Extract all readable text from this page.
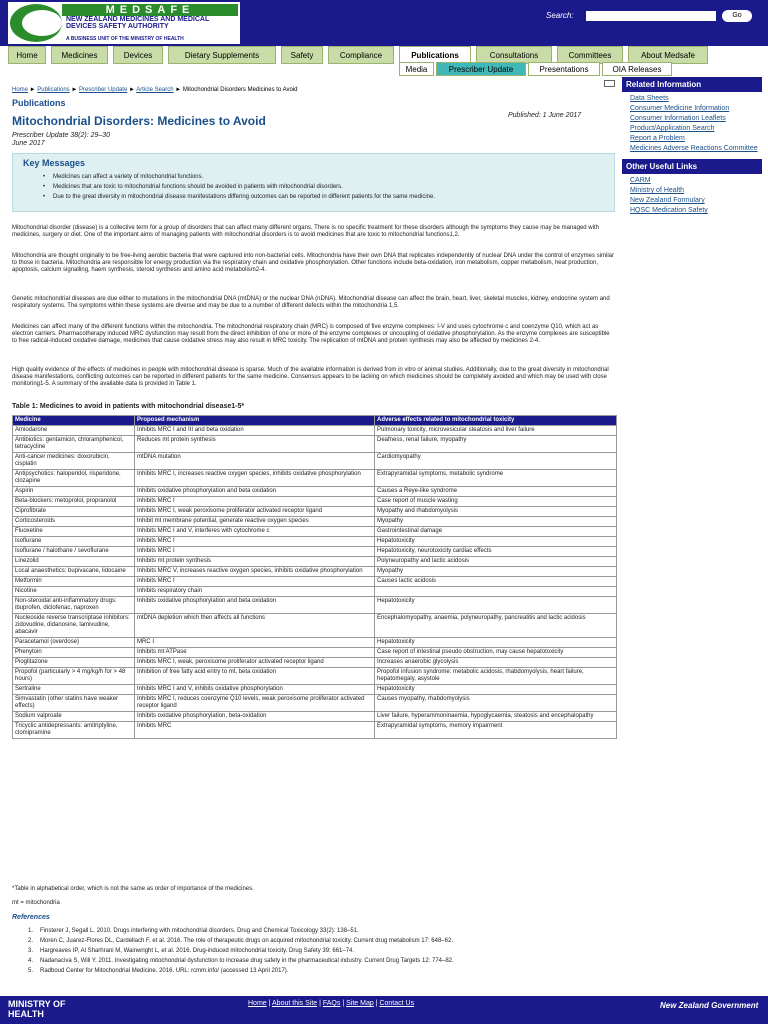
MEDSAFE
NEW ZEALAND MEDICINES AND MEDICAL DEVICES SAFETY AUTHORITY
A BUSINESS UNIT OF THE MINISTRY OF HEALTH
Search:	Go
Home	Medicines	Devices	Dietary Supplements	Safety	Compliance	Publications	Consultations	Committees	About Medsafe
Media	Prescriber Update	Presentations	OIA Releases
Home ► Publications ► Prescriber Update ► Article Search ► Mitochondrial Disorders Medicines to Avoid
Publications
Mitochondrial Disorders: Medicines to Avoid	Published: 1 June 2017
Prescriber Update 38(2): 29–30
June 2017
Key Messages
• Medicines can affect a variety of mitochondrial functions.
• Medicines that are toxic to mitochondrial functions should be avoided in patients with mitochondrial disorders.
• Due to the great diversity in mitochondrial disease manifestations differing outcomes can be reported in different patients for the same medicine.
Mitochondrial disorder (disease) is a collective term for a group of disorders that can affect many different organs. There is no specific treatment for these disorders although the symptoms they cause may be managed with medicines, surgery or diet. One of the important aims of managing patients with mitochondrial disorders is to avoid medicines that are toxic to mitochondrial functions1,2.
Mitochondria are thought originally to be free-living aerobic bacteria that were captured into non-bacterial cells. Mitochondria have their own DNA that replicates independently of nuclear DNA under the control of enzymes similar to those in bacteria. Mitochondria are responsible for energy production via the respiratory chain and oxidative phosphorylation. Other functions include beta-oxidation, iron metabolism, copper metabolism, heat production, apoptosis, calcium signalling, haem synthesis, steroid synthesis and amino acid metabolism2-4.
Genetic mitochondrial diseases are due either to mutations in the mitochondrial DNA (mtDNA) or the nuclear DNA (nDNA). Mitochondrial disease can affect the brain, heart, liver, skeletal muscles, kidney, endocrine system and respiratory systems. The symptoms within these systems are diverse and may be due to a number of different defects within the mitochondria 1,5.
Medicines can affect many of the different functions within the mitochondria. The mitochondrial respiratory chain (MRC) is composed of five enzyme complexes: I-V and uses cytochrome c and coenzyme Q10, which act as electron carriers. Pharmacotherapy induced MRC dysfunction may result from the direct inhibition of one or more of the enzyme complexes or uncoupling of oxidative phosphorylation. As the enzyme complexes are susceptible to free radical-induced oxidative damage, medicines that cause oxidative stress may also result in MRC toxicity. The replication of mtDNA and protein synthesis may also be affected by medicines 2-4.
High quality evidence of the effects of medicines in people with mitochondrial disease is sparse. Much of the available information is derived from in vitro or animal studies. Additionally, due to the great diversity in mitochondrial disease manifestations, conflicting outcomes can be reported in different patients for the same medicine. Consensus appears to be lacking on which medicines should be completely avoided and which may be used with close monitoring1-5. A summary of the available data is provided in Table 1.
Table 1: Medicines to avoid in patients with mitochondrial disease1-5*
Medicine	Proposed mechanism	Adverse effects related to mitochondrial toxicity
Amiodarone	Inhibits MRC I and III and beta oxidation	Pulmonary toxicity, microvesicular steatosis and liver failure
Antibiotics: gentamicin, chloramphenicol, tetracycline	Reduces mt protein synthesis	Deafness, renal failure, myopathy
Anti-cancer medicines: doxorubicin, cisplatin	mtDNA mutation	Cardiomyopathy
Antipsychotics: haloperidol, risperidone, clozapine	Inhibits MRC I, increases reactive oxygen species, inhibits oxidative phosphorylation	Extrapyramidal symptoms, metabolic syndrome
Aspirin	Inhibits oxidative phosphorylation and beta oxidation	Causes a Reye-like syndrome
Beta-blockers: metoprolol, propranolol	Inhibits MRC I	Case report of muscle wasting
Ciprofibrate	Inhibits MRC I, weak peroxisome proliferator activated receptor ligand	Myopathy and rhabdomyolysis
Corticosteroids	Inhibit mt membrane potential, generate reactive oxygen species	Myopathy
Fluoxetine	Inhibits MRC I and V, interferes with cytochrome c	Gastrointestinal damage
Isoflurane	Inhibits MRC I	Hepatotoxicity
Isoflurane / halothane / sevoflurane	Inhibits MRC I	Hepatotoxicity, neurotoxicity cardiac effects
Linezolid	Inhibits mt protein synthesis	Polyneuropathy and lactic acidosis
Local anaesthetics: bupivacane, lidocaine	Inhibits MRC V, increases reactive oxygen species, inhibits oxidative phosphorylation	Myopathy
Metformin	Inhibits MRC I	Causes lactic acidosis
Nicotine	Inhibits respiratory chain	
Non-steroidal anti-inflammatory drugs: ibuprofen, diclofenac, naproxen	Inhibits oxidative phosphorylation and beta oxidation	Hepatotoxicity
Nucleoside reverse transcriptase inhibitors: zidovudine, didanosine, lamivudine, abacavir	mtDNA depletion which then affects all functions	Encephalomyopathy, anaemia, polyneuropathy, pancreatitis and lactic acidosis
Paracetamol (overdose)	MRC I	Hepatotoxicity
Phenytoin	Inhibits mt ATPase	Case report of intestinal pseudo obstruction, may cause hepatotoxicity
Pioglitazone	Inhibits MRC I, weak, peroxisome proliferator activated receptor ligand	Increases anaerobic glycolysis
Propofol (particularly > 4 mg/kg/h for > 48 hours)	Inhibition of free fatty acid entry to mt, beta oxidation	Propofol infusion syndrome: metabolic acidosis, rhabdomyolysis, heart failure, hepatomegaly, asystole
Sertraline	Inhibits MRC I and V, inhibits oxidative phosphorylation	Hepatotoxicity
Simvastatin (other statins have weaker effects)	Inhibits MRC I, reduces coenzyme Q10 levels, weak peroxisome proliferator activated receptor ligand	Causes myopathy, rhabdomyolysis
Sodium valproate	Inhibits oxidative phosphorylation, beta-oxidation	Liver failure, hyperammoninaemia, hypoglycaemia, steatosis and encephalopathy
Tricyclic antidepressants: amitriptyline, clomipramine	Inhibits MRC	Extrapyramidal symptoms, memory impairment
*Table in alphabetical order, which is not the same as order of importance of the medicines.
mt = mitochondria
References
1. Finsterer J, Segall L. 2010. Drugs interfering with mitochondrial disorders. Drug and Chemical Toxicology 33(2): 138–51.
2. Moren C, Juarez-Flores DL, Cardellach F, et al. 2016. The role of therapeutic drugs on acquired mitochondrial toxicity. Current drug metabolism 17: 648–62.
3. Hargreaves IP, Al Sharhrani M, Wainwright L, et al. 2016. Drug-induced mitochondrial toxicity. Drug Safety 39: 661–74.
4. Nadanaciva S, Will Y. 2011. Investigating mitochondrial dysfunction to increase drug safety in the pharmaceutical industry. Current Drug Targets 12: 774–82.
5. Radboud Center for Mitochondrial Medicine. 2016. URL: rcmm.info/ (accessed 13 April 2017).
Related Information
Data Sheets
Consumer Medicine Information
Consumer Information Leaflets
Product/Application Search
Report a Problem
Medicines Adverse Reactions Committee
Other Useful Links
CARM
Ministry of Health
New Zealand Formulary
HQSC Medication Safety
MINISTRY OF HEALTH
Home | About this Site | FAQs | Site Map | Contact Us	New Zealand Government
